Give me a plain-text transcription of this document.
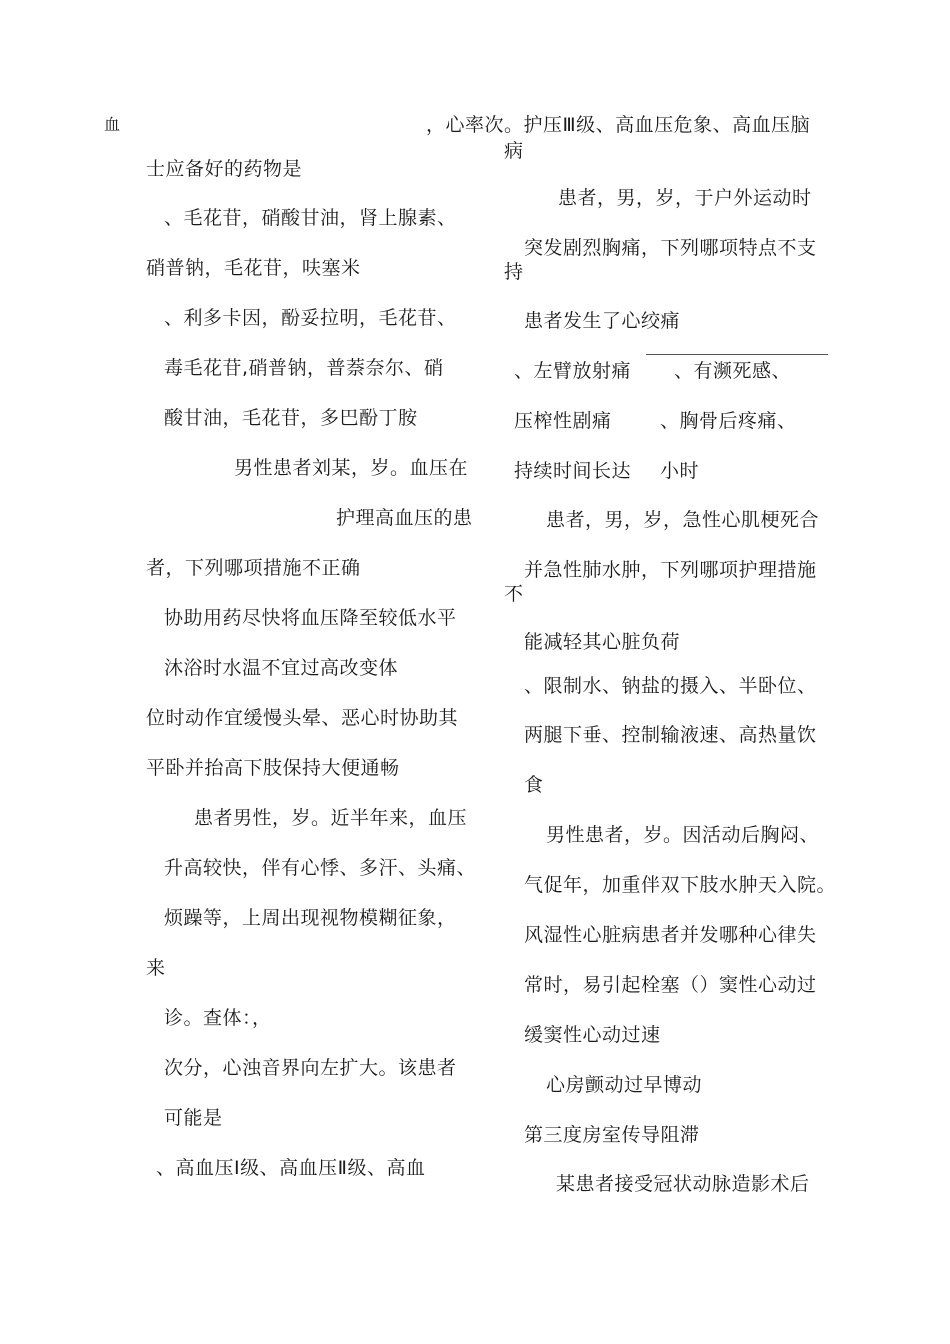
血
士应备好的药物是
、毛花苷，硝酸甘油，肾上腺素、
硝普钠，毛花苷，呋塞米
、利多卡因，酚妥拉明，毛花苷、
毒毛花苷,硝普钠，普萘奈尔、硝
酸甘油，毛花苷，多巴酚丁胺
男性患者刘某，岁。血压在
护理高血压的患
者，下列哪项措施不正确
协助用药尽快将血压降至较低水平
沐浴时水温不宜过高改变体
位时动作宜缓慢头晕、恶心时协助其
平卧并抬高下肢保持大便通畅
患者男性，岁。近半年来，血压
升高较快，伴有心悸、多汗、头痛、
烦躁等，上周出现视物模糊征象，
来
诊。查体：，
次分，心浊音界向左扩大。该患者
可能是
、高血压Ⅰ级、高血压Ⅱ级、高血
，心率次。护压Ⅲ级、高血压危象、高血压脑
病
患者，男，岁，于户外运动时
突发剧烈胸痛，下列哪项特点不支
持
患者发生了心绞痛
、左臂放射痛 、有濒死感、
压榨性剧痛	、胸骨后疼痛、
持续时间长达 小时
患者，男，岁，急性心肌梗死合
并急性肺水肿，下列哪项护理措施
不
能减轻其心脏负荷
、限制水、钠盐的摄入、半卧位、
两腿下垂、控制输液速、高热量饮
食
男性患者，岁。因活动后胸闷、
气促年，加重伴双下肢水肿天入院。
风湿性心脏病患者并发哪种心律失
常时，易引起栓塞（）窦性心动过
缓窦性心动过速
心房颤动过早博动
第三度房室传导阻滞
某患者接受冠状动脉造影术后
